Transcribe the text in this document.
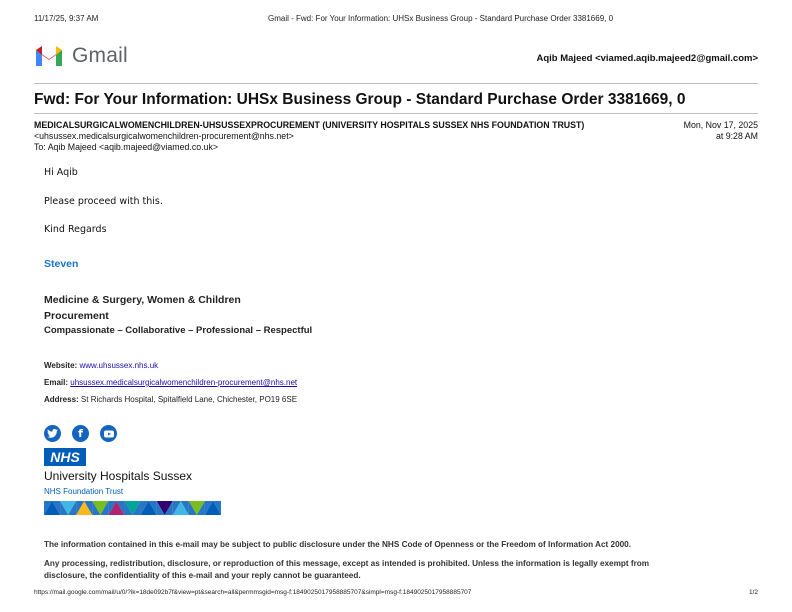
11/17/25, 9:37 AM	Gmail - Fwd: For Your Information: UHSx Business Group - Standard Purchase Order 3381669, 0
Gmail	Aqib Majeed <viamed.aqib.majeed2@gmail.com>
Fwd: For Your Information: UHSx Business Group - Standard Purchase Order 3381669, 0
MEDICALSURGICALWOMENCHILDREN-UHSUSSEXPROCUREMENT (UNIVERSITY HOSPITALS SUSSEX NHS FOUNDATION TRUST)
<uhsussex.medicalsurgicalwomenchildren-procurement@nhs.net>
To: Aqib Majeed <aqib.majeed@viamed.co.uk>
Mon, Nov 17, 2025
at 9:28 AM
Hi Aqib
Please proceed with this.
Kind Regards
Steven
Medicine & Surgery, Women & Children
Procurement
Compassionate – Collaborative – Professional – Respectful
Website: www.uhsussex.nhs.uk
Email: uhsussex.medicalsurgicalwomenchildren-procurement@nhs.net
Address: St Richards Hospital, Spitalfield Lane, Chichester, PO19 6SE
f
NHS
University Hospitals Sussex
NHS Foundation Trust
The information contained in this e-mail may be subject to public disclosure under the NHS Code of Openness or the Freedom of Information Act 2000.
Any processing, redistribution, disclosure, or reproduction of this message, except as intended is prohibited. Unless the information is legally exempt from
disclosure, the confidentiality of this e-mail and your reply cannot be guaranteed.
https://mail.google.com/mail/u/0/?ik=18de092b7f&view=pt&search=all&permmsgid=msg-f:1849025017958885707&simpl=msg-f:1849025017958885707	1/2
